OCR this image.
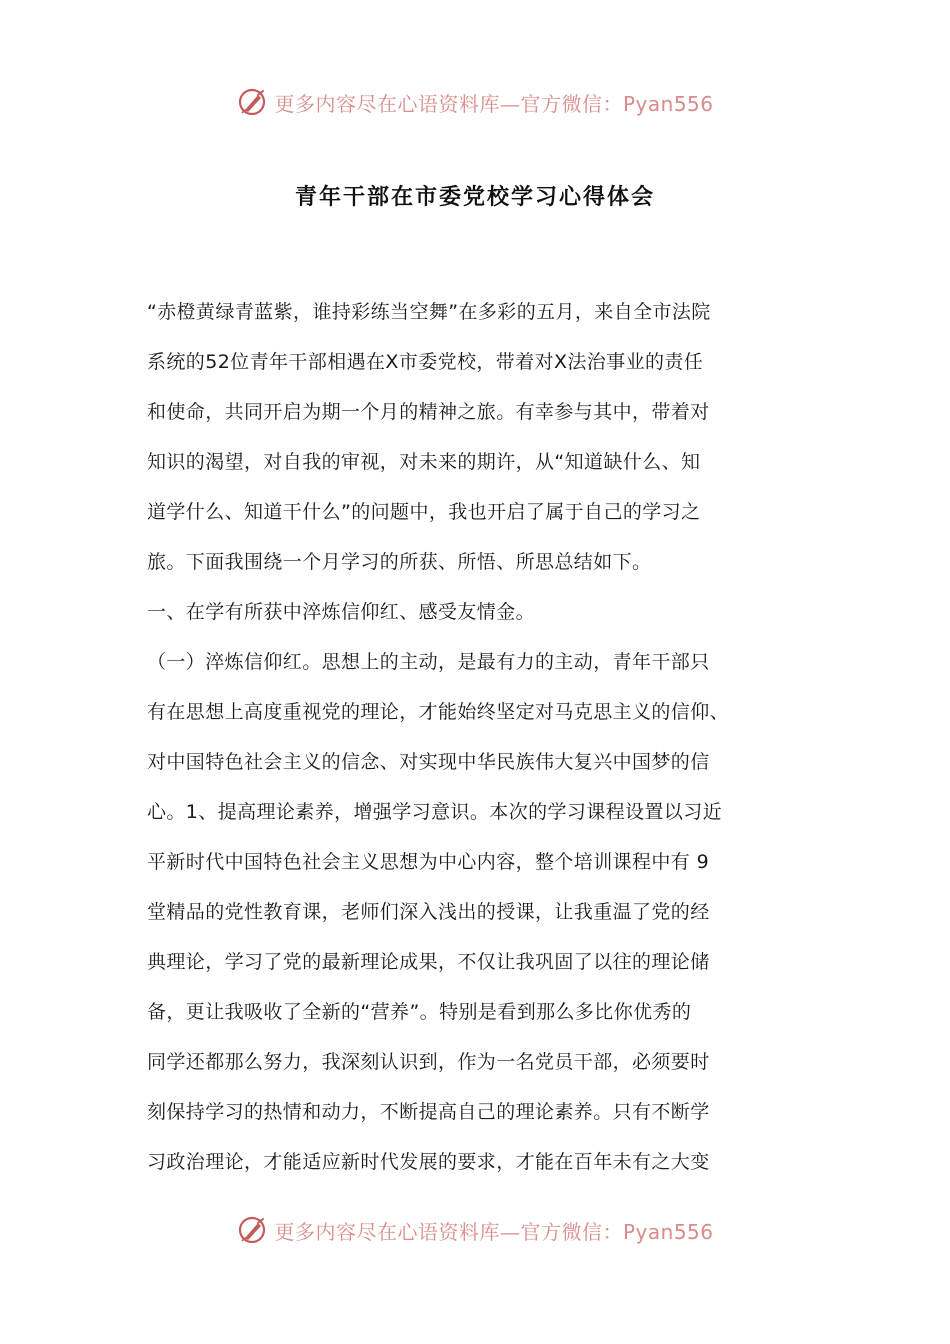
更多内容尽在心语资料库—官方微信：Pyan556
青年干部在市委党校学习心得体会
“赤橙黄绿青蓝紫，谁持彩练当空舞”在多彩的五月，来自全市法院
系统的52位青年干部相遇在X市委党校，带着对X法治事业的责任
和使命，共同开启为期一个月的精神之旅。有幸参与其中，带着对
知识的渴望，对自我的审视，对未来的期许，从“知道缺什么、知
道学什么、知道干什么”的问题中，我也开启了属于自己的学习之
旅。下面我围绕一个月学习的所获、所悟、所思总结如下。
一、在学有所获中淬炼信仰红、感受友情金。
（一）淬炼信仰红。思想上的主动，是最有力的主动，青年干部只
有在思想上高度重视党的理论，才能始终坚定对马克思主义的信仰、
对中国特色社会主义的信念、对实现中华民族伟大复兴中国梦的信
心。1、提高理论素养，增强学习意识。本次的学习课程设置以习近
平新时代中国特色社会主义思想为中心内容，整个培训课程中有 9
堂精品的党性教育课，老师们深入浅出的授课，让我重温了党的经
典理论，学习了党的最新理论成果，不仅让我巩固了以往的理论储
备，更让我吸收了全新的“营养”。特别是看到那么多比你优秀的
同学还都那么努力，我深刻认识到，作为一名党员干部，必须要时
刻保持学习的热情和动力，不断提高自己的理论素养。只有不断学
习政治理论，才能适应新时代发展的要求，才能在百年未有之大变
更多内容尽在心语资料库—官方微信：Pyan556
